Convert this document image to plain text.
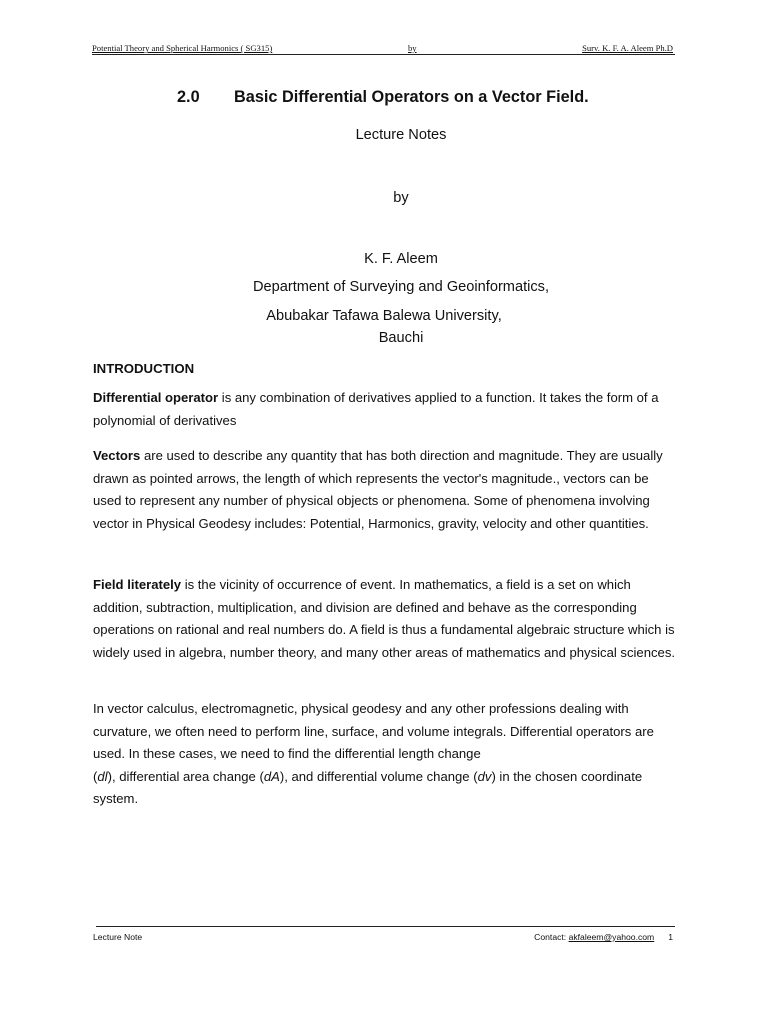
Potential Theory and Spherical Harmonics ( SG315)	by	Surv. K. F. A. Aleem Ph.D
2.0 Basic Differential Operators on a Vector Field.
Lecture Notes
by
K. F. Aleem
Department of Surveying and Geoinformatics,
Abubakar Tafawa Balewa University,
Bauchi
INTRODUCTION

Differential operator is any combination of derivatives applied to a function. It takes the form of a polynomial of derivatives

Vectors are used to describe any quantity that has both direction and magnitude. They are usually drawn as pointed arrows, the length of which represents the vector's magnitude., vectors can be used to represent any number of physical objects or phenomena. Some of phenomena involving vector in Physical Geodesy includes: Potential, Harmonics, gravity, velocity and other quantities.

Field literately is the vicinity of occurrence of event. In mathematics, a field is a set on which addition, subtraction, multiplication, and division are defined and behave as the corresponding operations on rational and real numbers do. A field is thus a fundamental algebraic structure which is widely used in algebra, number theory, and many other areas of mathematics and physical sciences.

In vector calculus, electromagnetic, physical geodesy and any other professions dealing with curvature, we often need to perform line, surface, and volume integrals. Differential operators are used. In these cases, we need to find the differential length change
(dl), differential area change (dA), and differential volume change (dv) in the chosen coordinate system.

Lecture Note	Contact: akfaleem@yahoo.com 1
